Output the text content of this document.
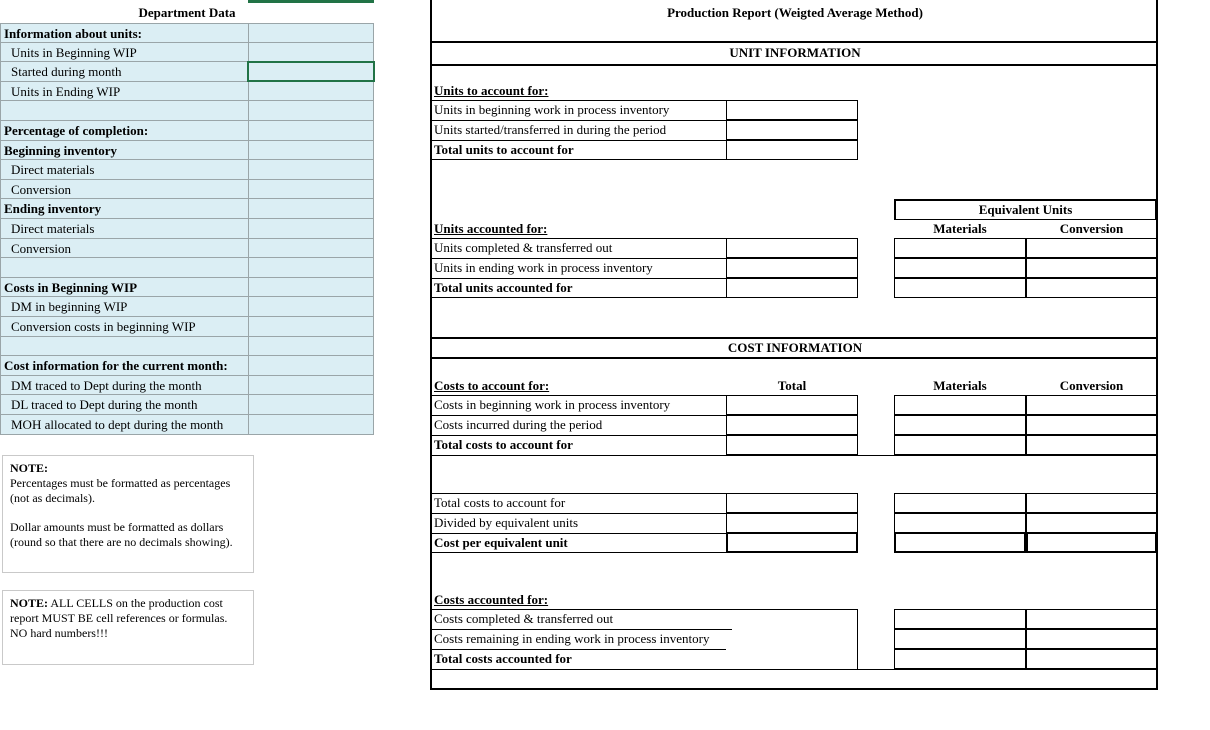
Department Data
Information about units:
Units in Beginning WIP
Started during month
Units in Ending WIP
Percentage of completion:
Beginning inventory
Direct materials
Conversion
Ending inventory
Direct materials
Conversion
Costs in Beginning WIP
DM in beginning WIP
Conversion costs in beginning WIP
Cost information for the current month:
DM traced to Dept during the month
DL traced to Dept during the month
MOH allocated to dept during the month
NOTE:
Percentages must be formatted as percentages (not as decimals).
Dollar amounts must be formatted as dollars (round so that there are no decimals showing).
NOTE: ALL CELLS on the production cost report MUST BE cell references or formulas. NO hard numbers!!!
Production Report (Weigted Average Method)
UNIT INFORMATION
Units to account for:
Units in beginning work in process inventory
Units started/transferred in during the period
Total units to account for
Equivalent Units
Materials	Conversion
Units accounted for:
Units completed & transferred out
Units in ending work in process inventory
Total units accounted for
COST INFORMATION
Costs to account for:	Total	Materials	Conversion
Costs in beginning work in process inventory
Costs incurred during the period
Total costs to account for
Total costs to account for
Divided by equivalent units
Cost per equivalent unit
Costs accounted for:
Costs completed & transferred out
Costs remaining in ending work in process inventory
Total costs accounted for
